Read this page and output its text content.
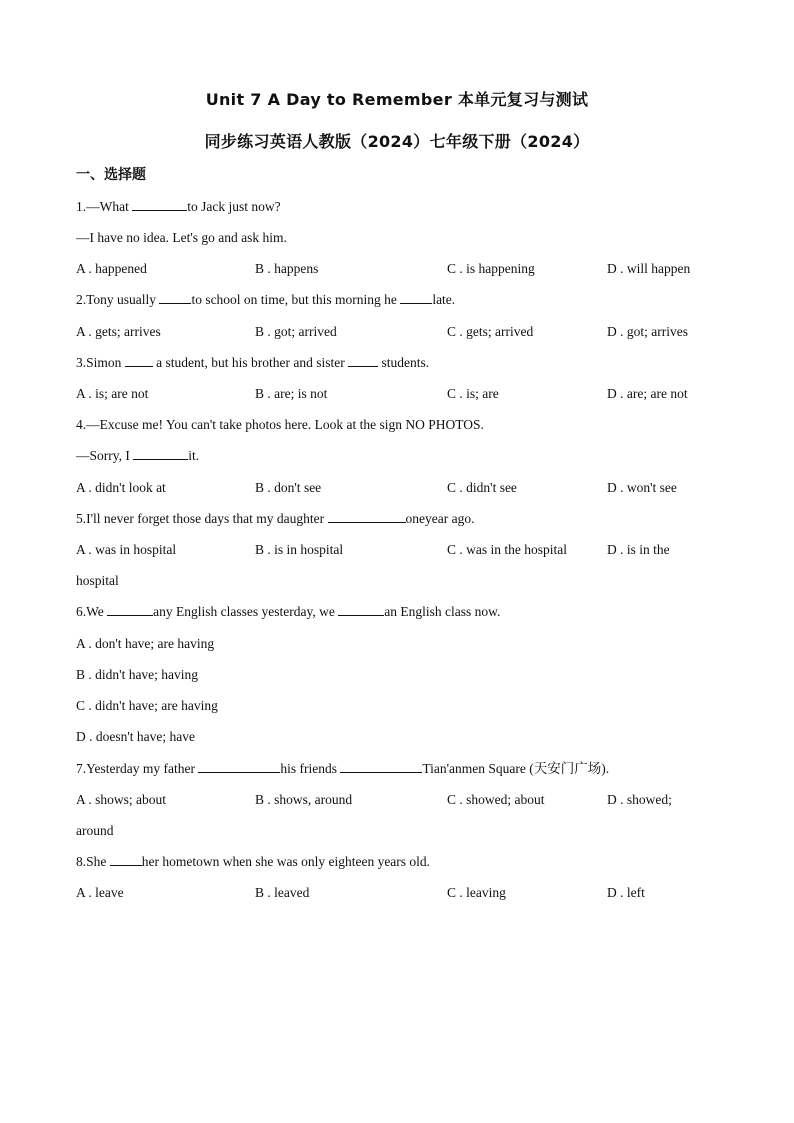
Unit 7 A Day to Remember 本单元复习与测试
同步练习英语人教版（2024）七年级下册（2024）
一、选择题
1.—What	to Jack just now?
—I have no idea. Let's go and ask him.
A . happened	B . happens	C . is happening	D . will happen
2.Tony usually to school on time, but this morning he late.
A . gets; arrives	B . got; arrived	C . gets; arrived	D . got; arrives
3.Simon  a student, but his brother and sister  students.
A . is; are not	B . are; is not	C . is; are	D . are; are not
4.—Excuse me! You can't take photos here. Look at the sign NO PHOTOS.
—Sorry, I	it.
A . didn't look at	B . don't see	C . didn't see	D . won't see
5.I'll never forget those days that my daughter	oneyear ago.
A . was in hospital	B . is in hospital	C . was in the hospital	D . is in the
hospital
6.We	any English classes yesterday, we	an English class now.
A . don't have; are having
B . didn't have; having
C . didn't have; are having
D . doesn't have; have
7.Yesterday my father	his friends	Tian'anmen Square (天安门广场).
A . shows; about	B . shows, around	C . showed; about	D . showed;
around
8.She her hometown when she was only eighteen years old.
A . leave	B . leaved	C . leaving	D . left
